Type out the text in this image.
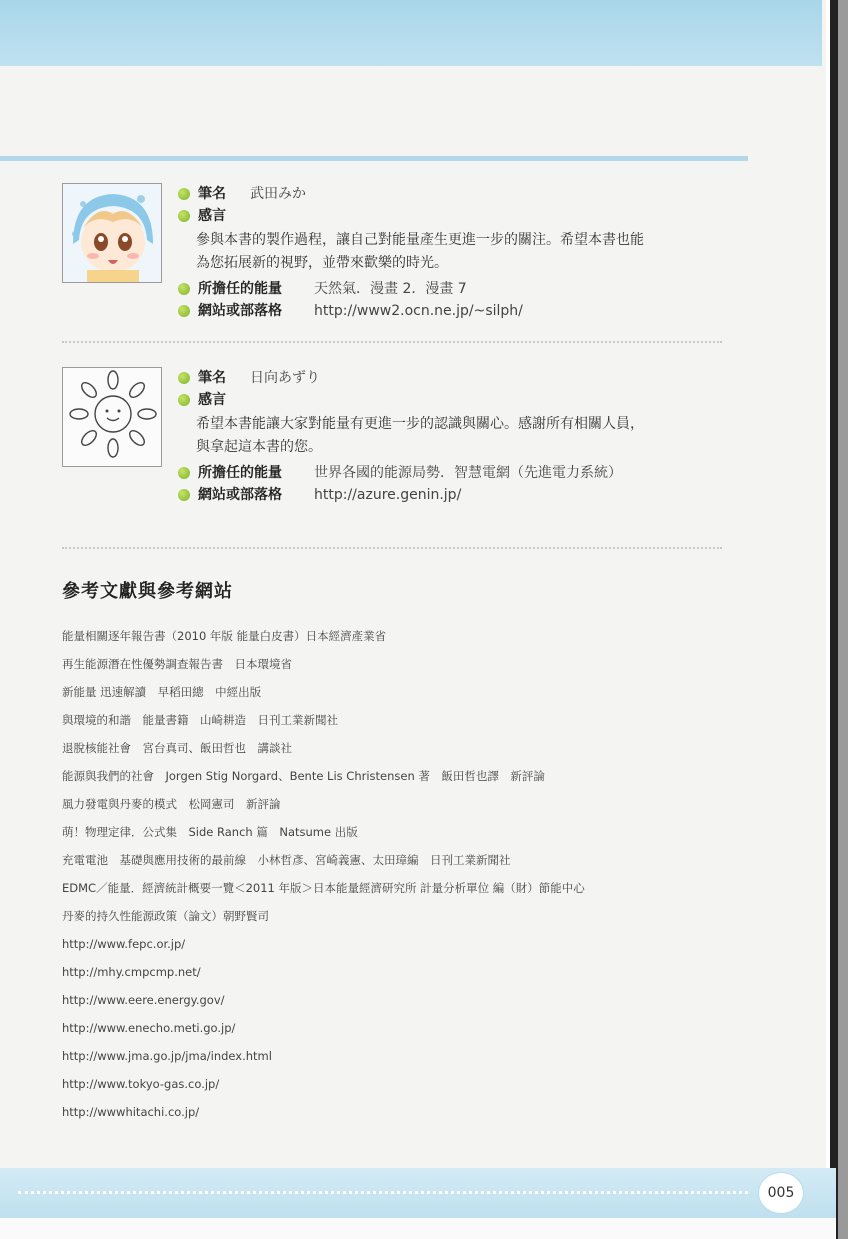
筆名 武田みか
感言
參與本書的製作過程，讓自己對能量產生更進一步的關注。希望本書也能
為您拓展新的視野，並帶來歡樂的時光。
所擔任的能量 天然氣．漫畫 2．漫畫 7
網站或部落格 http://www2.ocn.ne.jp/~silph/
筆名 日向あずり
感言
希望本書能讓大家對能量有更進一步的認識與關心。感謝所有相關人員，
與拿起這本書的您。
所擔任的能量 世界各國的能源局勢．智慧電網（先進電力系統）
網站或部落格 http://azure.genin.jp/
參考文獻與參考網站
能量相關逐年報告書（2010 年版 能量白皮書）日本經濟產業省
再生能源潛在性優勢調查報告書　日本環境省
新能量 迅速解讀　早稻田總　中經出版
與環境的和諧　能量書籍　山崎耕造　日刊工業新聞社
退脫核能社會　宮台真司、飯田哲也　講談社
能源與我們的社會　Jorgen Stig Norgard、Bente Lis Christensen 著　飯田哲也譯　新評論
風力發電與丹麥的模式　松岡憲司　新評論
萌！物理定律．公式集　Side Ranch 篇　Natsume 出版
充電電池　基礎與應用技術的最前線　小林哲彥、宮崎義憲、太田璋編　日刊工業新聞社
EDMC／能量．經濟統計概要一覽＜2011 年版＞日本能量經濟研究所 計量分析單位 編（財）節能中心
丹麥的持久性能源政策（論文）朝野賢司
http://www.fepc.or.jp/
http://mhy.cmpcmp.net/
http://www.eere.energy.gov/
http://www.enecho.meti.go.jp/
http://www.jma.go.jp/jma/index.html
http://www.tokyo-gas.co.jp/
http://wwwhitachi.co.jp/
005
